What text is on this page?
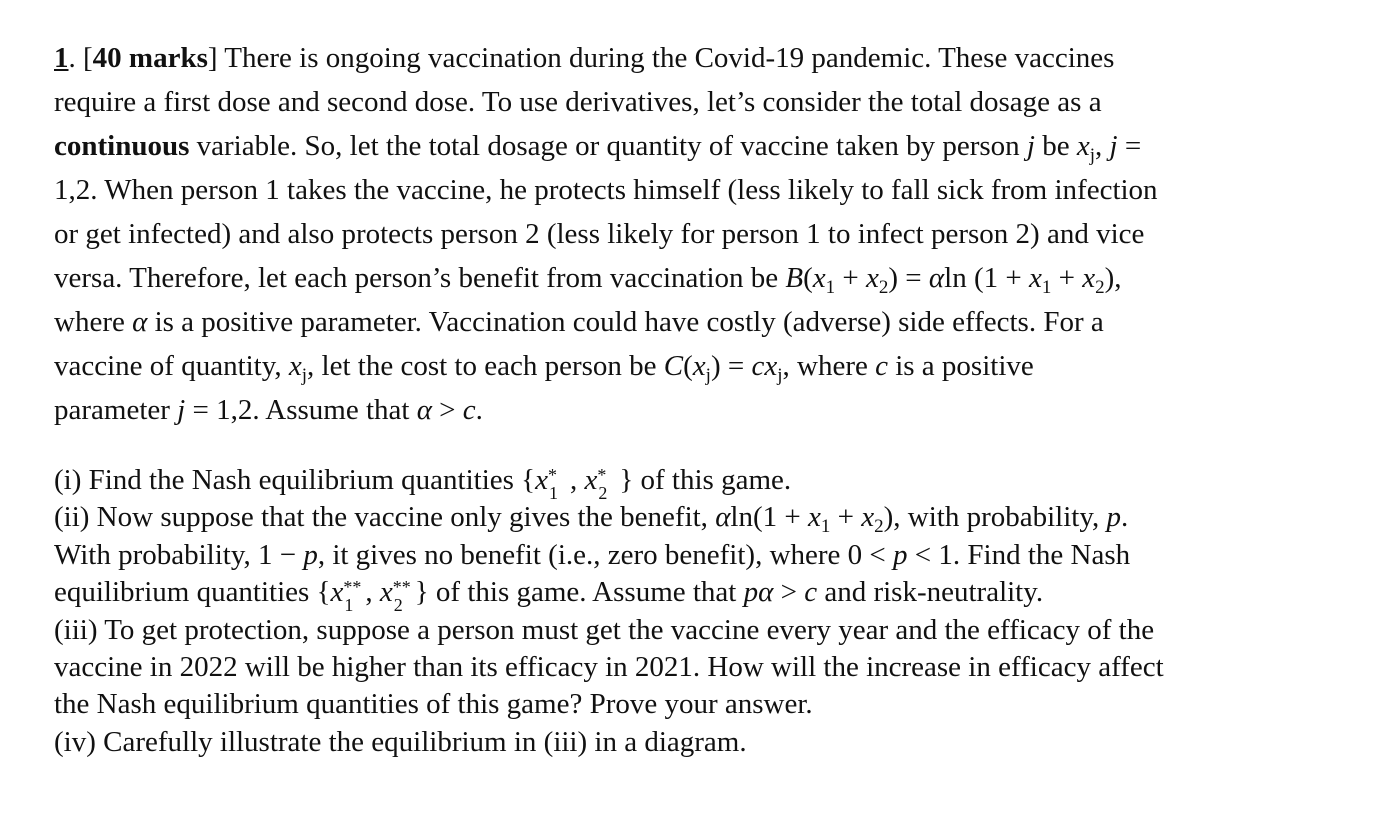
1. [40 marks] There is ongoing vaccination during the Covid-19 pandemic. These vaccines
require a first dose and second dose. To use derivatives, let’s consider the total dosage as a
continuous variable. So, let the total dosage or quantity of vaccine taken by person j be $x_j$, j =
1,2. When person 1 takes the vaccine, he protects himself (less likely to fall sick from infection
or get infected) and also protects person 2 (less likely for person 1 to infect person 2) and vice
versa. Therefore, let each person’s benefit from vaccination be $B(x_1 + x_2) = \alpha\ln$ $(1 + x_1 + x_2)$,
where α is a positive parameter. Vaccination could have costly (adverse) side effects. For a
vaccine of quantity, $x_j$, let the cost to each person be $C(x_j) = cx_j$, where c is a positive
parameter j = 1,2. Assume that α > c.
(i) Find the Nash equilibrium quantities {x *
1 , x *
2 } of this game.
(ii) Now suppose that the vaccine only gives the benefit, $\alpha\ln(1 + x_1 + x_2)$, with probability, p.
With probability, 1 − p, it gives no benefit (i.e., zero benefit), where 0 < p < 1. Find the Nash
equilibrium quantities {x **
1 , x **
2 } of this game. Assume that pα > c and risk-neutrality.
(iii) To get protection, suppose a person must get the vaccine every year and the efficacy of the
vaccine in 2022 will be higher than its efficacy in 2021. How will the increase in efficacy affect
the Nash equilibrium quantities of this game? Prove your answer.
(iv) Carefully illustrate the equilibrium in (iii) in a diagram.
